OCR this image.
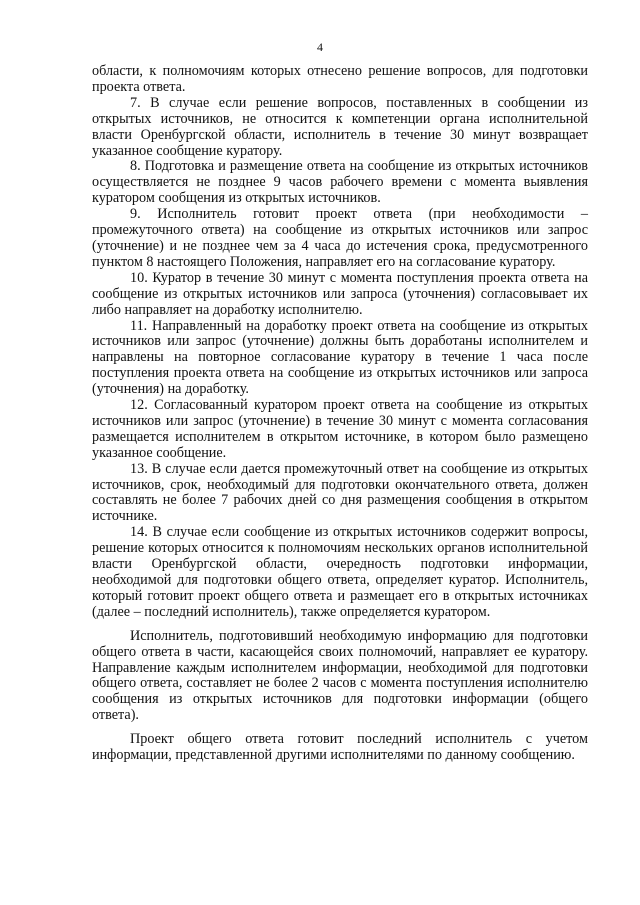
4

области, к полномочиям которых отнесено решение вопросов, для подготовки проекта ответа.

7. В случае если решение вопросов, поставленных в сообщении из открытых источников, не относится к компетенции органа исполнительной власти Оренбургской области, исполнитель в течение 30 минут возвращает указанное сообщение куратору.

8. Подготовка и размещение ответа на сообщение из открытых источников осуществляется не позднее 9 часов рабочего времени с момента выявления куратором сообщения из открытых источников.

9. Исполнитель готовит проект ответа (при необходимости – промежуточного ответа) на сообщение из открытых источников или запрос (уточнение) и не позднее чем за 4 часа до истечения срока, предусмотренного пунктом 8 настоящего Положения, направляет его на согласование куратору.

10. Куратор в течение 30 минут с момента поступления проекта ответа на сообщение из открытых источников или запроса (уточнения) согласовывает их либо направляет на доработку исполнителю.

11. Направленный на доработку проект ответа на сообщение из открытых источников или запрос (уточнение) должны быть доработаны исполнителем и направлены на повторное согласование куратору в течение 1 часа после поступления проекта ответа на сообщение из открытых источников или запроса (уточнения) на доработку.

12. Согласованный куратором проект ответа на сообщение из открытых источников или запрос (уточнение) в течение 30 минут с момента согласования размещается исполнителем в открытом источнике, в котором было размещено указанное сообщение.

13. В случае если дается промежуточный ответ на сообщение из открытых источников, срок, необходимый для подготовки окончательного ответа, должен составлять не более 7 рабочих дней со дня размещения сообщения в открытом источнике.

14. В случае если сообщение из открытых источников содержит вопросы, решение которых относится к полномочиям нескольких органов исполнительной власти Оренбургской области, очередность подготовки информации, необходимой для подготовки общего ответа, определяет куратор. Исполнитель, который готовит проект общего ответа и размещает его в открытых источниках (далее – последний исполнитель), также определяется куратором.

Исполнитель, подготовивший необходимую информацию для подготовки общего ответа в части, касающейся своих полномочий, направляет ее куратору. Направление каждым исполнителем информации, необходимой для подготовки общего ответа, составляет не более 2 часов с момента поступления исполнителю сообщения из открытых источников для подготовки информации (общего ответа).

Проект общего ответа готовит последний исполнитель с учетом информации, представленной другими исполнителями по данному сообщению.
